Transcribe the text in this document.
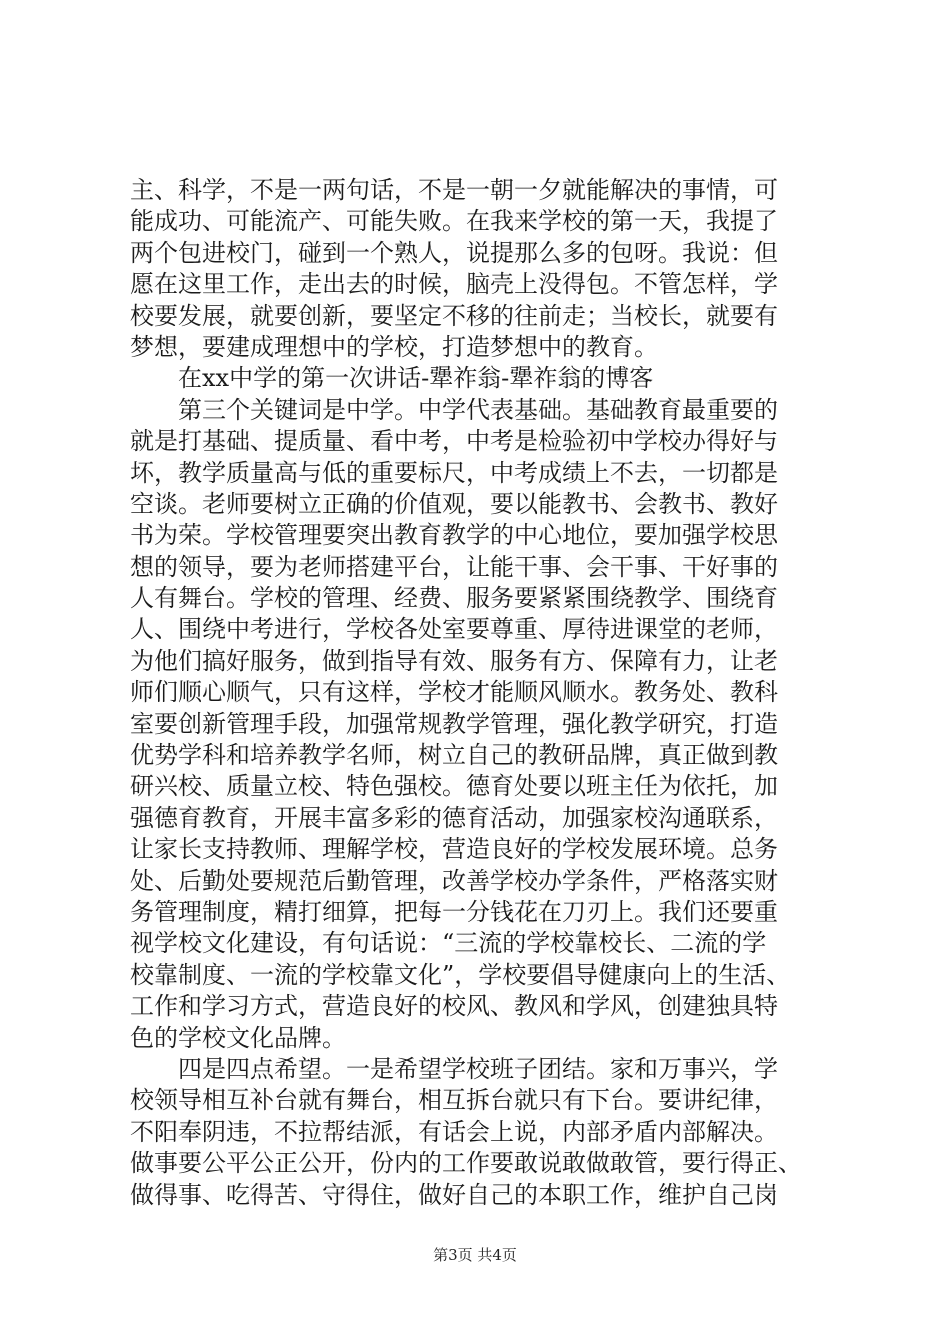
主、科学，不是一两句话，不是一朝一夕就能解决的事情，可
能成功、可能流产、可能失败。在我来学校的第一天，我提了
两个包进校门，碰到一个熟人，说提那么多的包呀。我说：但
愿在这里工作，走出去的时候，脑壳上没得包。不管怎样，学
校要发展，就要创新，要坚定不移的往前走；当校长，就要有
梦想，要建成理想中的学校，打造梦想中的教育。
　　在xx中学的第一次讲话-犟祚翁-犟祚翁的博客
　　第三个关键词是中学。中学代表基础。基础教育最重要的
就是打基础、提质量、看中考，中考是检验初中学校办得好与
坏，教学质量高与低的重要标尺，中考成绩上不去，一切都是
空谈。老师要树立正确的价值观，要以能教书、会教书、教好
书为荣。学校管理要突出教育教学的中心地位，要加强学校思
想的领导，要为老师搭建平台，让能干事、会干事、干好事的
人有舞台。学校的管理、经费、服务要紧紧围绕教学、围绕育
人、围绕中考进行，学校各处室要尊重、厚待进课堂的老师，
为他们搞好服务，做到指导有效、服务有方、保障有力，让老
师们顺心顺气，只有这样，学校才能顺风顺水。教务处、教科
室要创新管理手段，加强常规教学管理，强化教学研究，打造
优势学科和培养教学名师，树立自己的教研品牌，真正做到教
研兴校、质量立校、特色强校。德育处要以班主任为依托，加
强德育教育，开展丰富多彩的德育活动，加强家校沟通联系，
让家长支持教师、理解学校，营造良好的学校发展环境。总务
处、后勤处要规范后勤管理，改善学校办学条件，严格落实财
务管理制度，精打细算，把每一分钱花在刀刃上。我们还要重
视学校文化建设，有句话说：“三流的学校靠校长、二流的学
校靠制度、一流的学校靠文化”，学校要倡导健康向上的生活、
工作和学习方式，营造良好的校风、教风和学风，创建独具特
色的学校文化品牌。
　　四是四点希望。一是希望学校班子团结。家和万事兴，学
校领导相互补台就有舞台，相互拆台就只有下台。要讲纪律，
不阳奉阴违，不拉帮结派，有话会上说，内部矛盾内部解决。
做事要公平公正公开，份内的工作要敢说敢做敢管，要行得正、
做得事、吃得苦、守得住，做好自己的本职工作，维护自己岗
第3页 共4页
